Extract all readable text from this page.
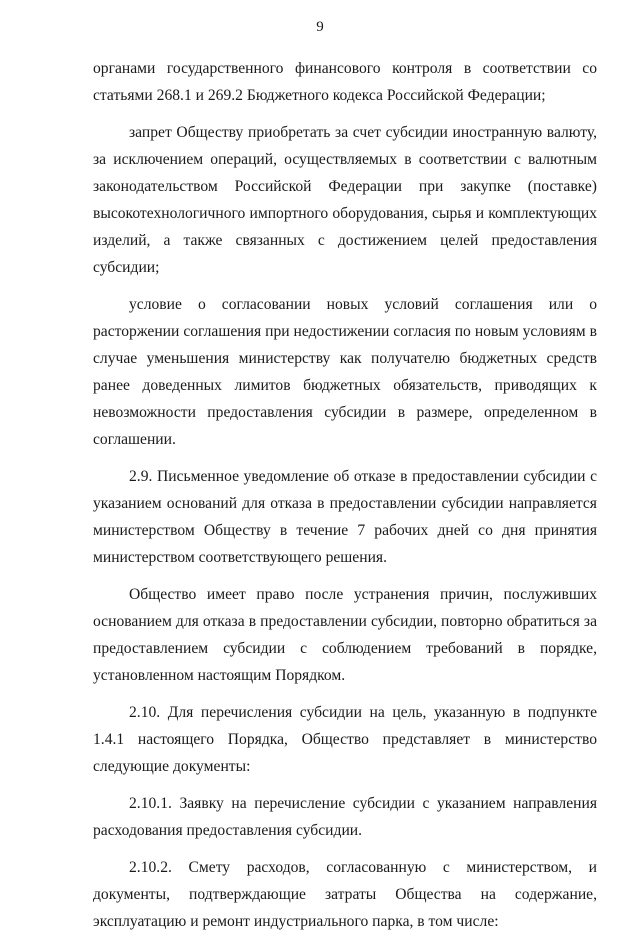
9

органами государственного финансового контроля в соответствии со статьями 268.1 и 269.2 Бюджетного кодекса Российской Федерации;

запрет Обществу приобретать за счет субсидии иностранную валюту, за исключением операций, осуществляемых в соответствии с валютным законодательством Российской Федерации при закупке (поставке) высокотехнологичного импортного оборудования, сырья и комплектующих изделий, а также связанных с достижением целей предоставления субсидии;

условие о согласовании новых условий соглашения или о расторжении соглашения при недостижении согласия по новым условиям в случае уменьшения министерству как получателю бюджетных средств ранее доведенных лимитов бюджетных обязательств, приводящих к невозможности предоставления субсидии в размере, определенном в соглашении.

2.9. Письменное уведомление об отказе в предоставлении субсидии с указанием оснований для отказа в предоставлении субсидии направляется министерством Обществу в течение 7 рабочих дней со дня принятия министерством соответствующего решения.

Общество имеет право после устранения причин, послуживших основанием для отказа в предоставлении субсидии, повторно обратиться за предоставлением субсидии с соблюдением требований в порядке, установленном настоящим Порядком.

2.10. Для перечисления субсидии на цель, указанную в подпункте 1.4.1 настоящего Порядка, Общество представляет в министерство следующие документы:

2.10.1. Заявку на перечисление субсидии с указанием направления расходования предоставления субсидии.

2.10.2. Смету расходов, согласованную с министерством, и документы, подтверждающие затраты Общества на содержание, эксплуатацию и ремонт индустриального парка, в том числе:
